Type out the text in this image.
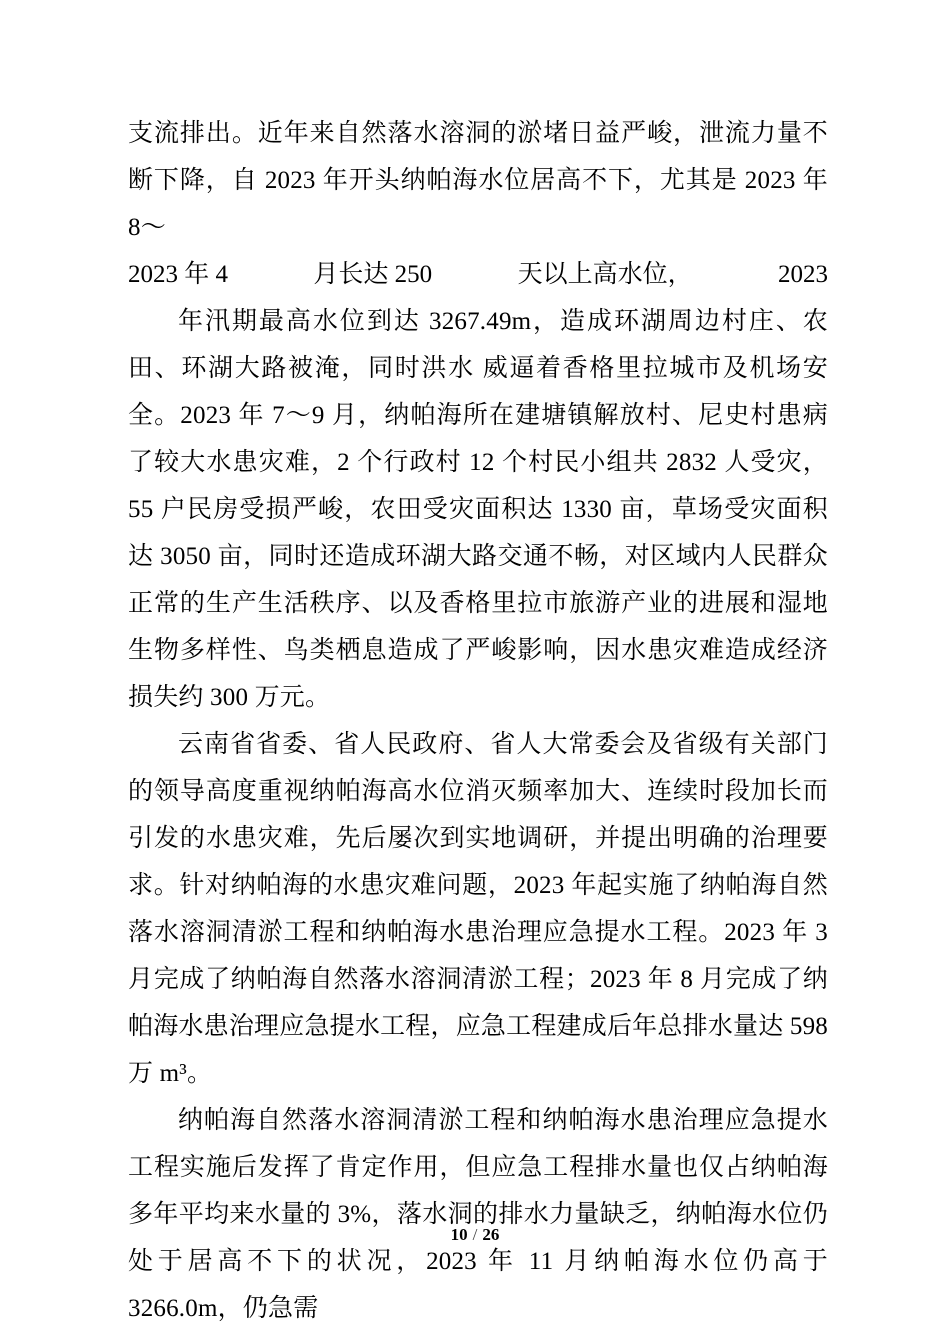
支流排出。近年来自然落水溶洞的淤堵日益严峻，泄流力量不断下降，自 2023 年开头纳帕海水位居高不下，尤其是 2023 年 8～

2023 年 4	月长达 250	天以上高水位，	2023

年汛期最高水位到达 3267.49m，造成环湖周边村庄、农田、环湖大路被淹，同时洪水 威逼着香格里拉城市及机场安全。2023 年 7～9 月，纳帕海所在建塘镇解放村、尼史村患病了较大水患灾难，2 个行政村 12 个村民小组共 2832 人受灾，55 户民房受损严峻，农田受灾面积达 1330 亩，草场受灾面积达 3050 亩，同时还造成环湖大路交通不畅，对区域内人民群众正常的生产生活秩序、以及香格里拉市旅游产业的进展和湿地生物多样性、鸟类栖息造成了严峻影响，因水患灾难造成经济损失约 300 万元。

云南省省委、省人民政府、省人大常委会及省级有关部门的领导高度重视纳帕海高水位消灭频率加大、连续时段加长而引发的水患灾难，先后屡次到实地调研，并提出明确的治理要求。针对纳帕海的水患灾难问题，2023 年起实施了纳帕海自然落水溶洞清淤工程和纳帕海水患治理应急提水工程。2023 年 3 月完成了纳帕海自然落水溶洞清淤工程；2023 年 8 月完成了纳帕海水患治理应急提水工程，应急工程建成后年总排水量达 598 万 m³。

纳帕海自然落水溶洞清淤工程和纳帕海水患治理应急提水工程实施后发挥了肯定作用，但应急工程排水量也仅占纳帕海多年平均来水量的 3%，落水洞的排水力量缺乏，纳帕海水位仍处于居高不下的状况，2023 年 11 月纳帕海水位仍高于 3266.0m，仍急需

10 / 26
